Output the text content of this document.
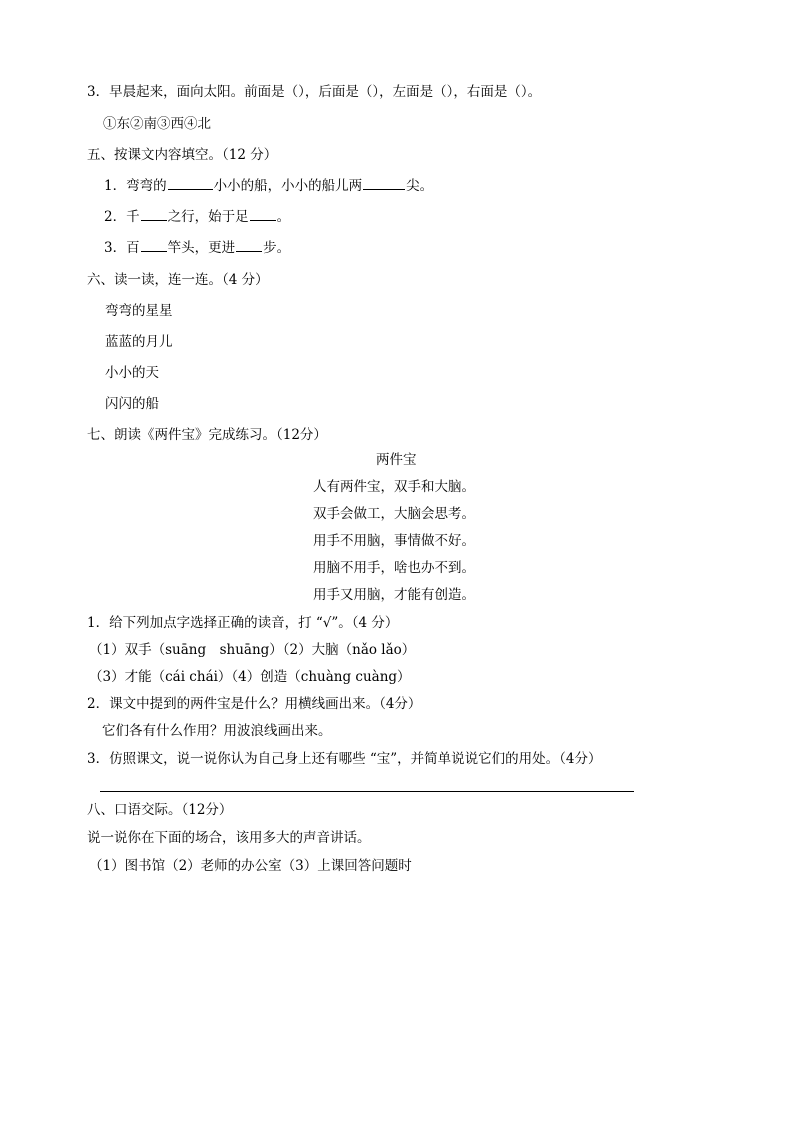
3．早晨起来，面向太阳。前面是（），后面是（），左面是（），右面是（）。
①东②南③西④北
五、按课文内容填空。（12 分）
1．弯弯的	小小的船，小小的船儿两	尖。
2．千 之行，始于足 。
3．百 竿头，更进 步。
六、读一读，连一连。（4 分）
弯弯的星星
蓝蓝的月儿
小小的天
闪闪的船
七、朗读《两件宝》完成练习。（12分）
两件宝
人有两件宝，双手和大脑。
双手会做工，大脑会思考。
用手不用脑，事情做不好。
用脑不用手，啥也办不到。
用手又用脑，才能有创造。
1．给下列加点字选择正确的读音，打 “√”。（4 分）
（1）双手（suāng　shuāng）（2）大脑（nǎo lǎo）
（3）才能（cái chái）（4）创造（chuàng cuàng）
2．课文中提到的两件宝是什么？用横线画出来。（4分）
它们各有什么作用？用波浪线画出来。
3．仿照课文，说一说你认为自己身上还有哪些 “宝”，并简单说说它们的用处。（4分）
八、口语交际。（12分）
说一说你在下面的场合，该用多大的声音讲话。
（1）图书馆（2）老师的办公室（3）上课回答问题时
